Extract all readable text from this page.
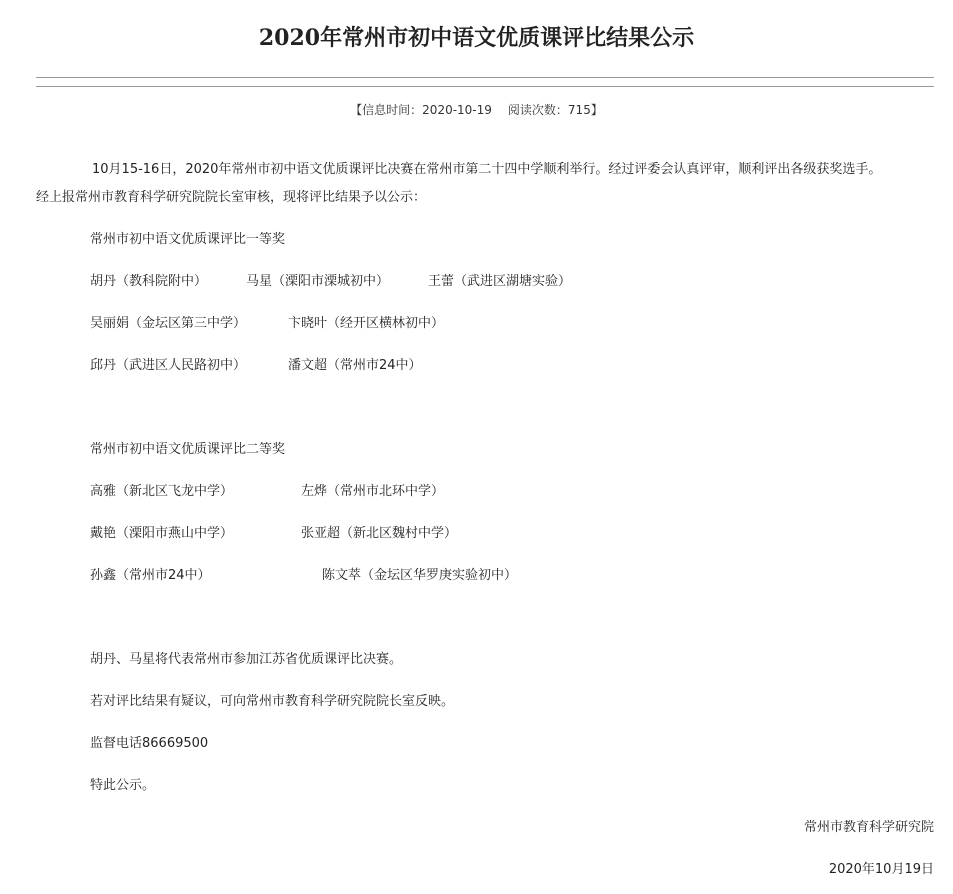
2020年常州市初中语文优质课评比结果公示
【信息时间：2020-10-19 阅读次数：715】
10月15-16日，2020年常州市初中语文优质课评比决赛在常州市第二十四中学顺利举行。经过评委会认真评审，顺利评出各级获奖选手。
经上报常州市教育科学研究院院长室审核，现将评比结果予以公示：
常州市初中语文优质课评比一等奖
胡丹（教科院附中）	马星（溧阳市溧城初中）	王蕾（武进区湖塘实验）
吴丽娟（金坛区第三中学）	卞晓叶（经开区横林初中）
邱丹（武进区人民路初中）	潘文超（常州市24中）
常州市初中语文优质课评比二等奖
高雅（新北区飞龙中学）	左烨（常州市北环中学）
戴艳（溧阳市燕山中学）	张亚超（新北区魏村中学）
孙鑫（常州市24中）	陈文萃（金坛区华罗庚实验初中）
胡丹、马星将代表常州市参加江苏省优质课评比决赛。
若对评比结果有疑议，可向常州市教育科学研究院院长室反映。
监督电话86669500
特此公示。
常州市教育科学研究院
2020年10月19日
